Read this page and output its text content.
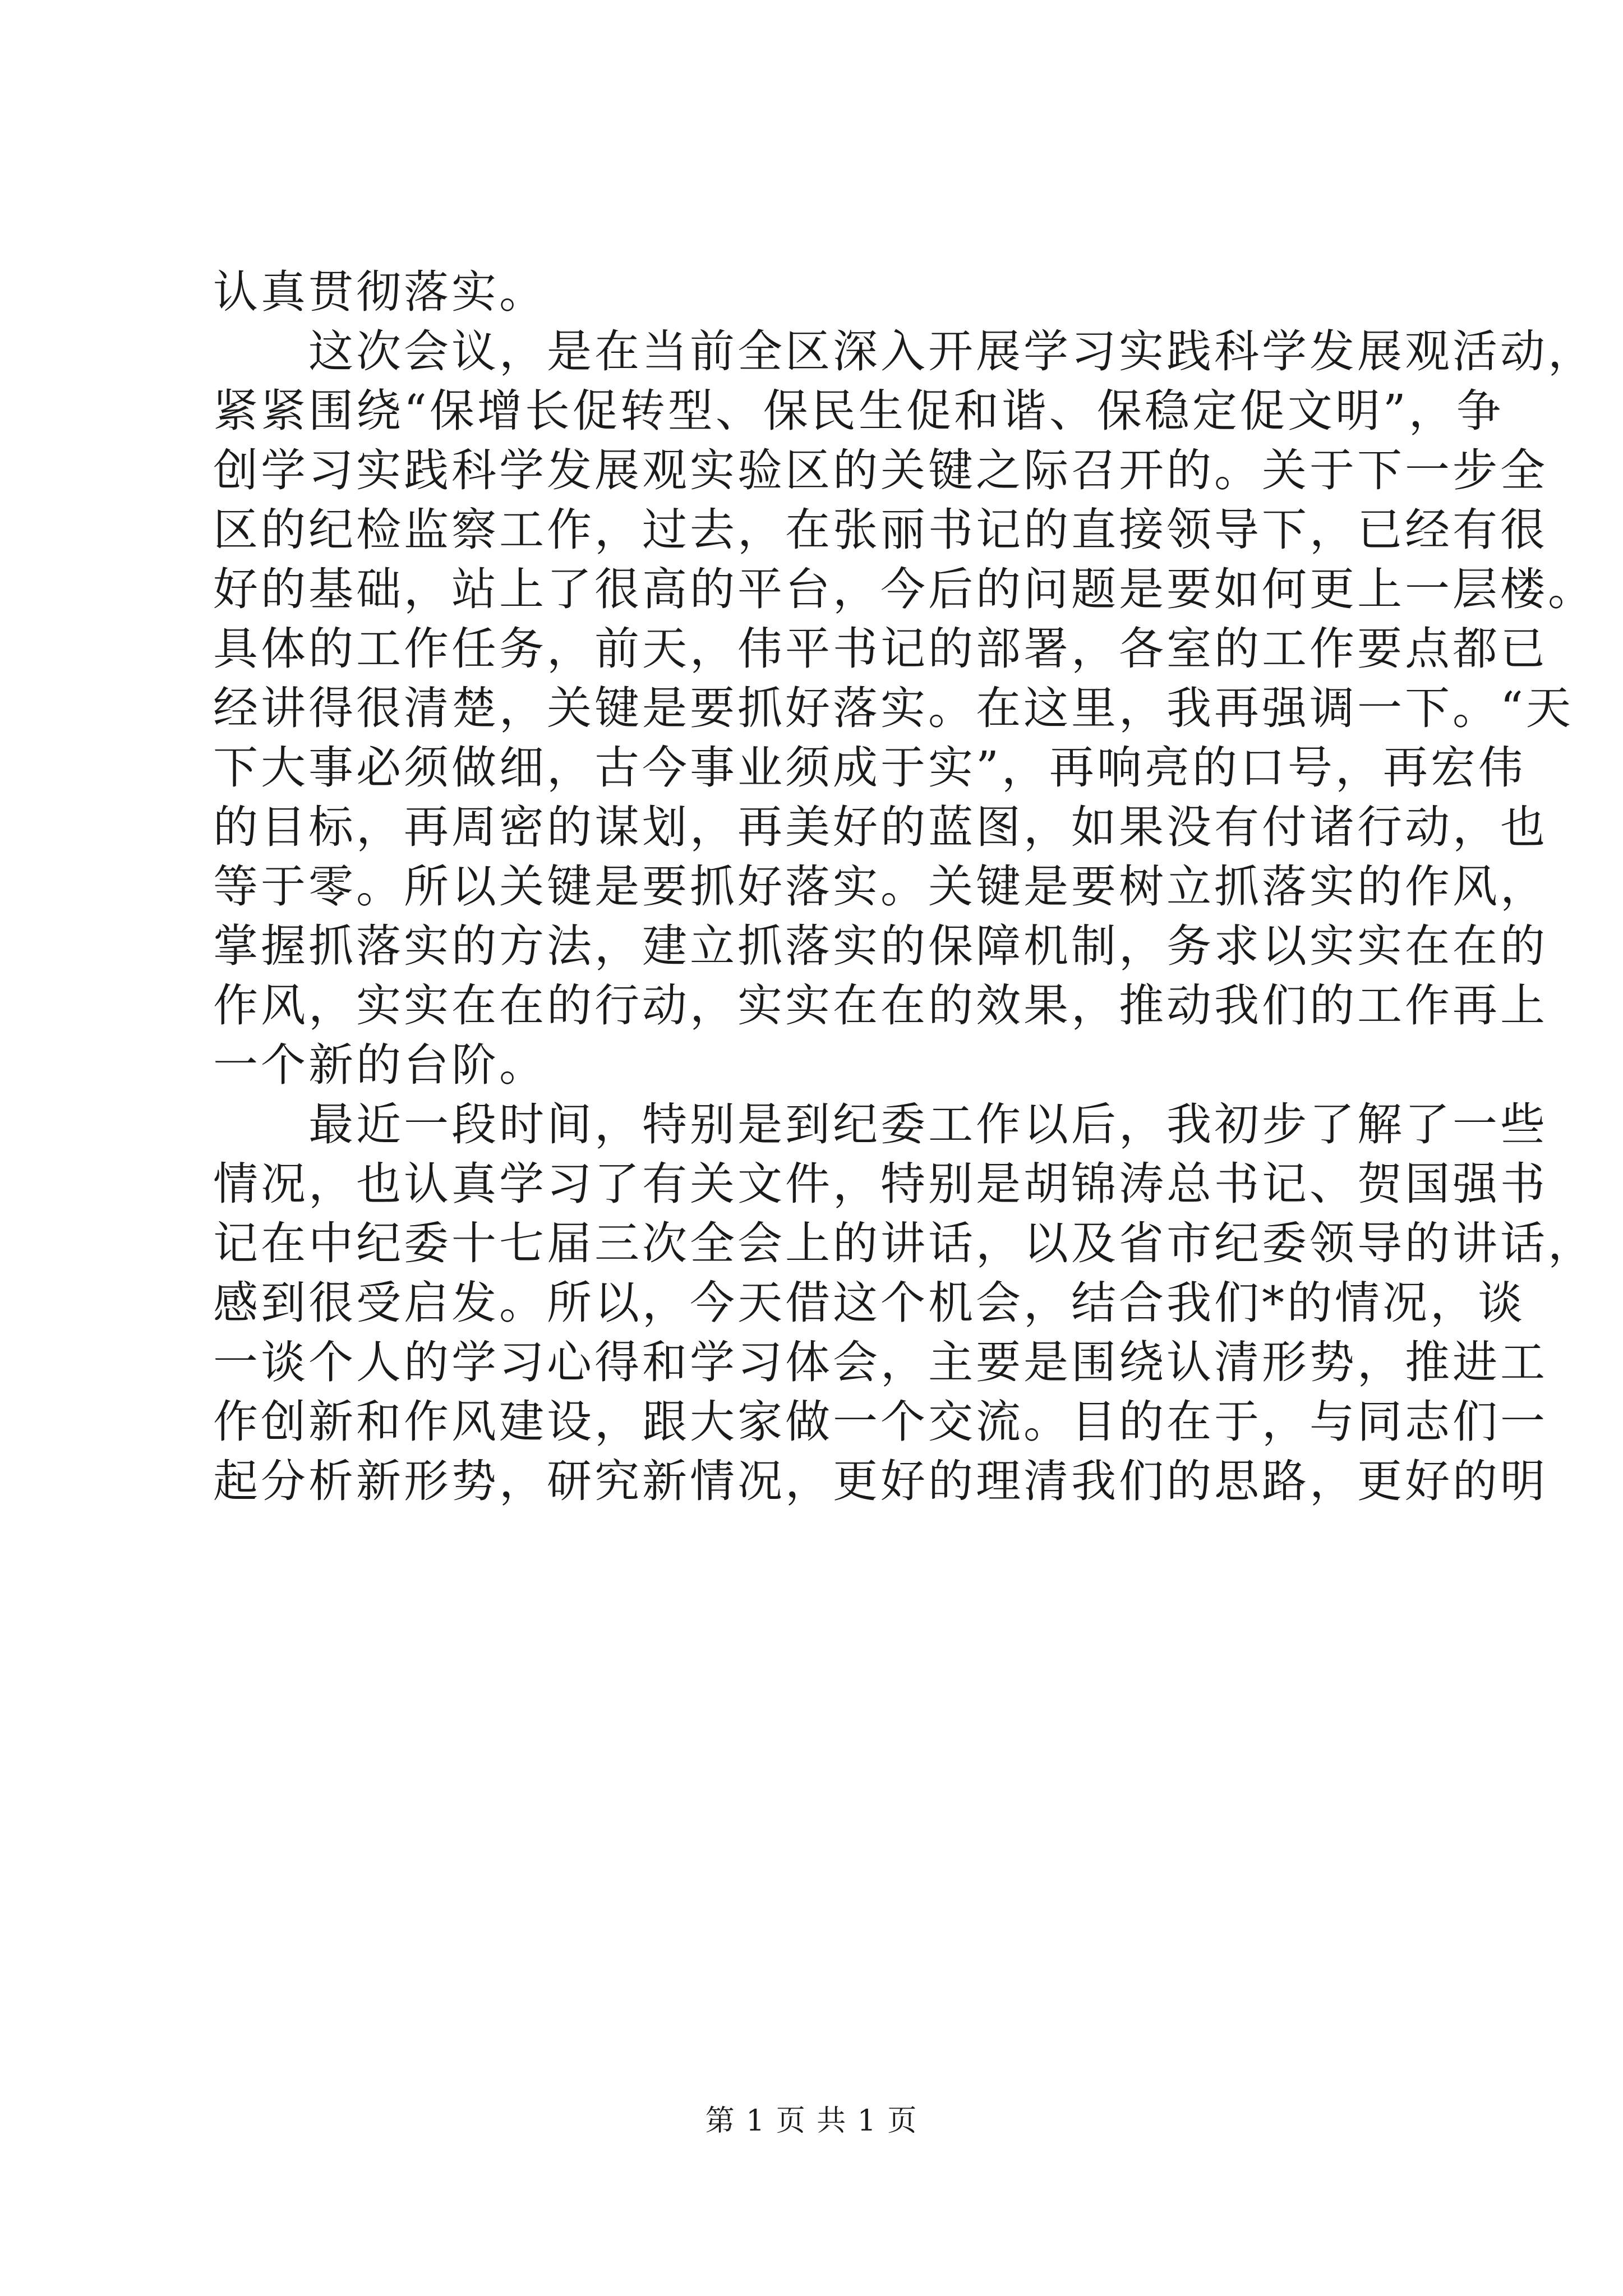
认真贯彻落实。
　　这次会议，是在当前全区深入开展学习实践科学发展观活动，
紧紧围绕“保增长促转型、保民生促和谐、保稳定促文明”，争
创学习实践科学发展观实验区的关键之际召开的。关于下一步全
区的纪检监察工作，过去，在张丽书记的直接领导下，已经有很
好的基础，站上了很高的平台，今后的问题是要如何更上一层楼。
具体的工作任务，前天，伟平书记的部署，各室的工作要点都已
经讲得很清楚，关键是要抓好落实。在这里，我再强调一下。“天
下大事必须做细，古今事业须成于实”，再响亮的口号，再宏伟
的目标，再周密的谋划，再美好的蓝图，如果没有付诸行动，也
等于零。所以关键是要抓好落实。关键是要树立抓落实的作风，
掌握抓落实的方法，建立抓落实的保障机制，务求以实实在在的
作风，实实在在的行动，实实在在的效果，推动我们的工作再上
一个新的台阶。
　　最近一段时间，特别是到纪委工作以后，我初步了解了一些
情况，也认真学习了有关文件，特别是胡锦涛总书记、贺国强书
记在中纪委十七届三次全会上的讲话，以及省市纪委领导的讲话，
感到很受启发。所以，今天借这个机会，结合我们*的情况，谈
一谈个人的学习心得和学习体会，主要是围绕认清形势，推进工
作创新和作风建设，跟大家做一个交流。目的在于，与同志们一
起分析新形势，研究新情况，更好的理清我们的思路，更好的明
第 1 页 共 1 页
